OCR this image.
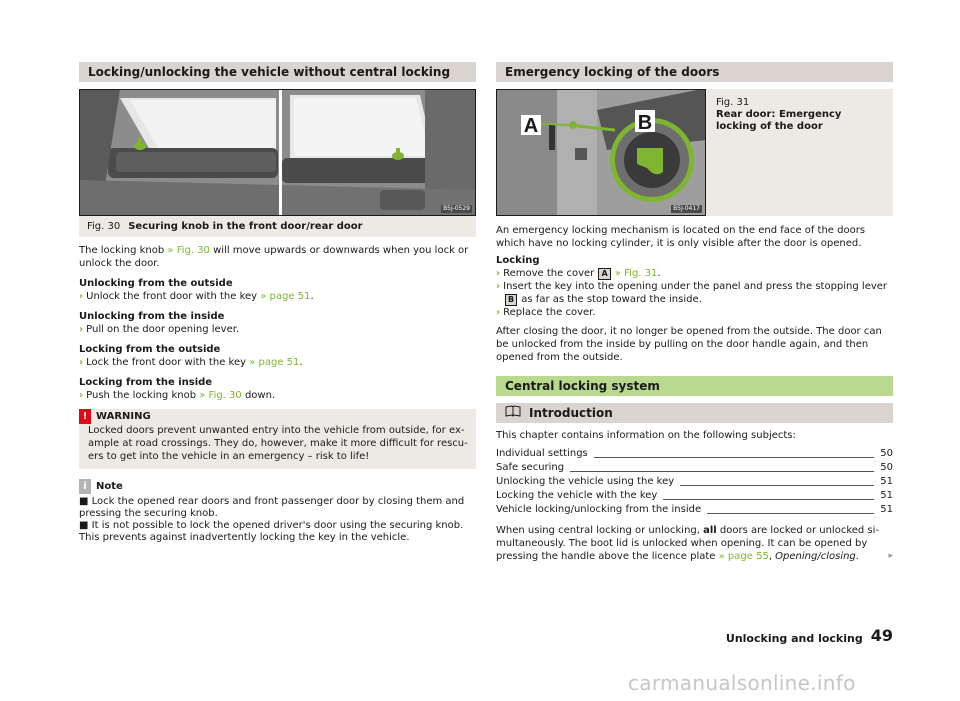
Locking/unlocking the vehicle without central locking
B5J-0529
Fig. 30 Securing knob in the front door/rear door

The locking knob » Fig. 30 will move upwards or downwards when you lock or unlock the door.

Unlocking from the outside

› Unlock the front door with the key » page 51.

Unlocking from the inside

› Pull on the door opening lever.

Locking from the outside

› Lock the front door with the key » page 51.

Locking from the inside

› Push the locking knob » Fig. 30 down.
! WARNING
Locked doors prevent unwanted entry into the vehicle from outside, for ex-ample at road crossings. They do, however, make it more difficult for rescu-ers to get into the vehicle in an emergency – risk to life!
i Note
■ Lock the opened rear doors and front passenger door by closing them and pressing the securing knob.
■ It is not possible to lock the opened driver's door using the securing knob. This prevents against inadvertently locking the key in the vehicle.
Emergency locking of the doors
A	B
B5J-0417
Fig. 31
Rear door: Emergency locking of the door

An emergency locking mechanism is located on the end face of the doors which have no locking cylinder, it is only visible after the door is opened.

Locking

› Remove the cover A » Fig. 31.
› Insert the key into the opening under the panel and press the stopping lever
B as far as the stop toward the inside.
› Replace the cover.

After closing the door, it no longer be opened from the outside. The door can be unlocked from the inside by pulling on the door handle again, and then opened from the outside.

Central locking system
Introduction

This chapter contains information on the following subjects:

Individual settings	50
Safe securing	50
Unlocking the vehicle using the key	51
Locking the vehicle with the key	51
Vehicle locking/unlocking from the inside	51

When using central locking or unlocking, all doors are locked or unlocked si-multaneously. The boot lid is unlocked when opening. It can be opened by pressing the handle above the licence plate » page 55, Opening/closing.	▸

Unlocking and locking 49
carmanualsonline.info
